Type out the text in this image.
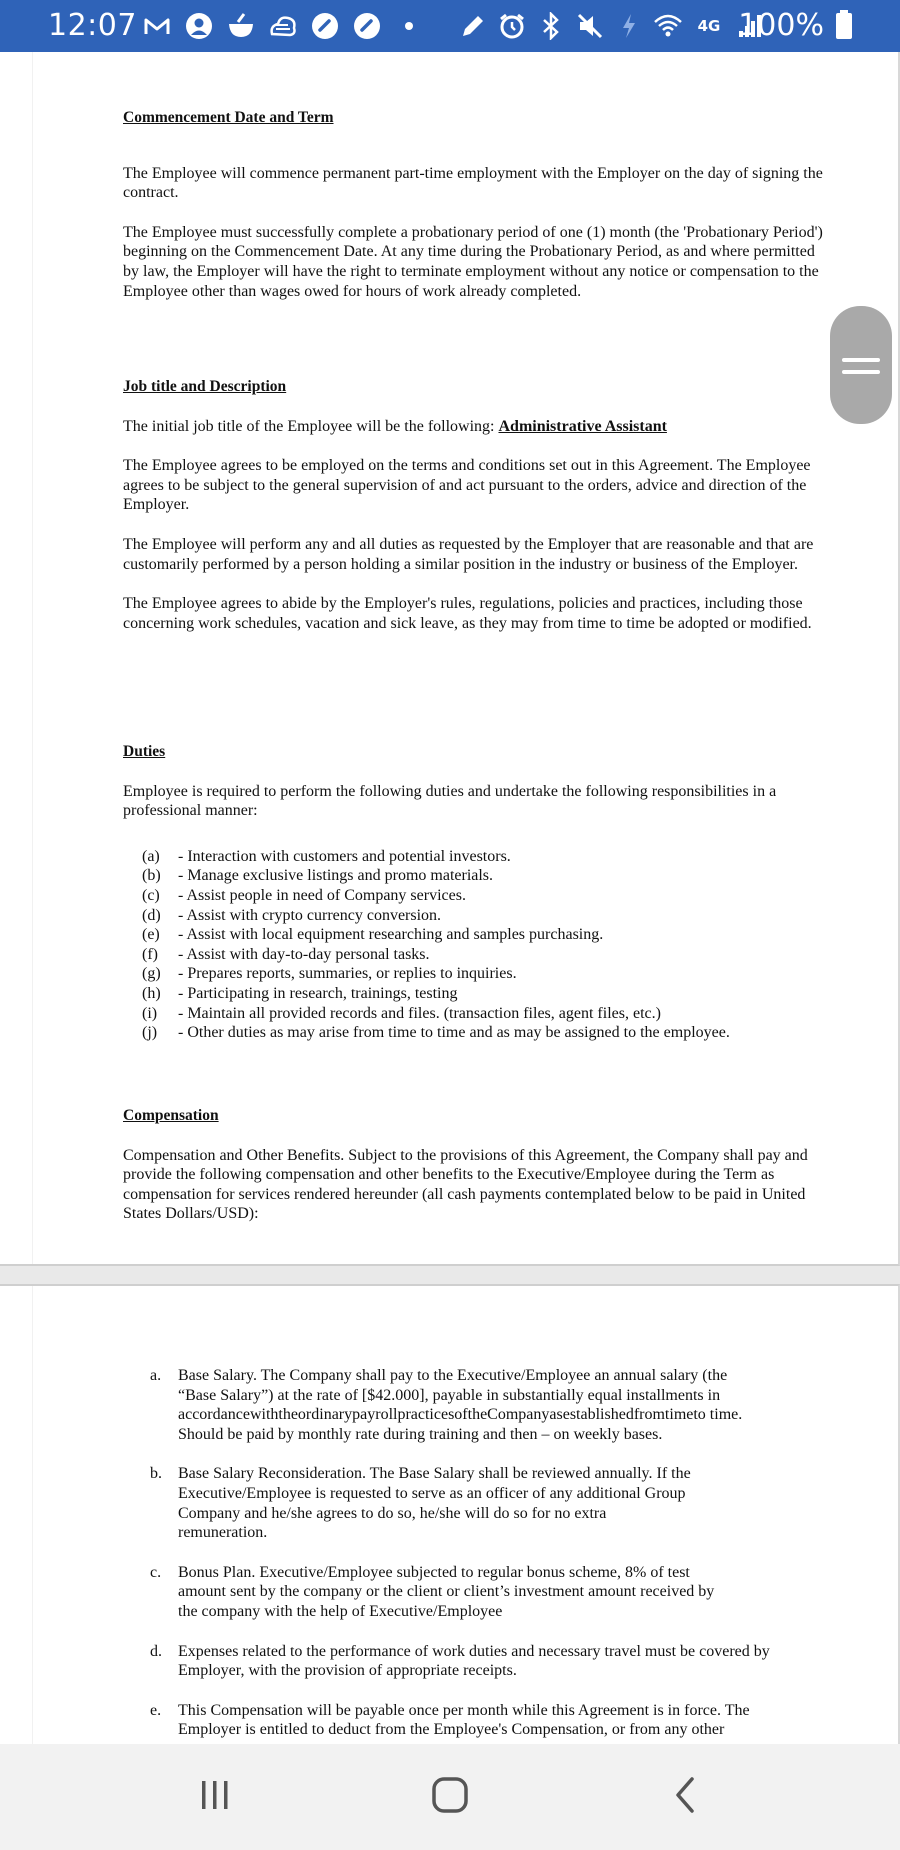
12:07	4G 100%
Commencement Date and Term

The Employee will commence permanent part-time employment with the Employer on the day of signing the contract.

The Employee must successfully complete a probationary period of one (1) month (the 'Probationary Period') beginning on the Commencement Date. At any time during the Probationary Period, as and where permitted by law, the Employer will have the right to terminate employment without any notice or compensation to the Employee other than wages owed for hours of work already completed.

Job title and Description

The initial job title of the Employee will be the following: Administrative Assistant

The Employee agrees to be employed on the terms and conditions set out in this Agreement. The Employee agrees to be subject to the general supervision of and act pursuant to the orders, advice and direction of the Employer.

The Employee will perform any and all duties as requested by the Employer that are reasonable and that are customarily performed by a person holding a similar position in the industry or business of the Employer.

The Employee agrees to abide by the Employer's rules, regulations, policies and practices, including those concerning work schedules, vacation and sick leave, as they may from time to time be adopted or modified.

Duties

Employee is required to perform the following duties and undertake the following responsibilities in a professional manner:

(a)	- Interaction with customers and potential investors.
(b)	- Manage exclusive listings and promo materials.
(c)	- Assist people in need of Company services.
(d)	- Assist with crypto currency conversion.
(e)	- Assist with local equipment researching and samples purchasing.
(f)	- Assist with day-to-day personal tasks.
(g)	- Prepares reports, summaries, or replies to inquiries.
(h)	- Participating in research, trainings, testing
(i)	- Maintain all provided records and files. (transaction files, agent files, etc.)
(j)	- Other duties as may arise from time to time and as may be assigned to the employee.
Compensation

Compensation and Other Benefits. Subject to the provisions of this Agreement, the Company shall pay and provide the following compensation and other benefits to the Executive/Employee during the Term as compensation for services rendered hereunder (all cash payments contemplated below to be paid in United States Dollars/USD):

a.	Base Salary. The Company shall pay to the Executive/Employee an annual salary (the
“Base Salary”) at the rate of [$42.000], payable in substantially equal installments in
accordancewiththeordinarypayrollpracticesoftheCompanyasestablishedfromtimeto time.
Should be paid by monthly rate during training and then – on weekly bases.
b.	Base Salary Reconsideration. The Base Salary shall be reviewed annually. If the
Executive/Employee is requested to serve as an officer of any additional Group
Company and he/she agrees to do so, he/she will do so for no extra
remuneration.
c.	Bonus Plan. Executive/Employee subjected to regular bonus scheme, 8% of test
amount sent by the company or the client or client’s investment amount received by
the company with the help of Executive/Employee
d.	Expenses related to the performance of work duties and necessary travel must be covered by
Employer, with the provision of appropriate receipts.
e.	This Compensation will be payable once per month while this Agreement is in force. The
Employer is entitled to deduct from the Employee's Compensation, or from any other
